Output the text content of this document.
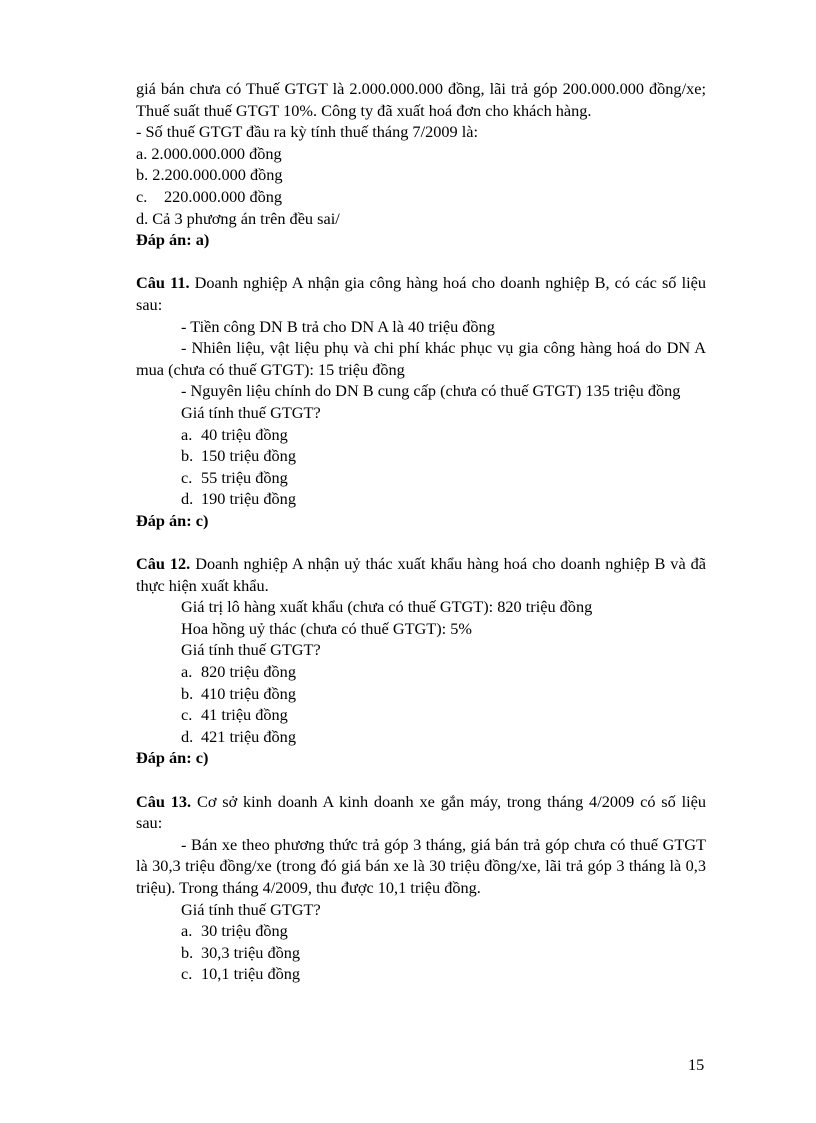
giá bán chưa có Thuế GTGT là 2.000.000.000 đồng, lãi trả góp 200.000.000 đồng/xe; Thuế suất thuế GTGT 10%. Công ty đã xuất hoá đơn cho khách hàng.

- Số thuế GTGT đầu ra kỳ tính thuế tháng 7/2009 là:

a. 2.000.000.000 đồng

b. 2.200.000.000 đồng

c. 220.000.000 đồng

d. Cả 3 phương án trên đều sai/

Đáp án: a)

Câu 11. Doanh nghiệp A nhận gia công hàng hoá cho doanh nghiệp B, có các số liệu sau:

- Tiền công DN B trả cho DN A là 40 triệu đồng

- Nhiên liệu, vật liệu phụ và chi phí khác phục vụ gia công hàng hoá do DN A mua (chưa có thuế GTGT): 15 triệu đồng

- Nguyên liệu chính do DN B cung cấp (chưa có thuế GTGT) 135 triệu đồng

Giá tính thuế GTGT?

a. 40 triệu đồng

b. 150 triệu đồng

c. 55 triệu đồng

d. 190 triệu đồng

Đáp án: c)

Câu 12. Doanh nghiệp A nhận uỷ thác xuất khẩu hàng hoá cho doanh nghiệp B và đã thực hiện xuất khẩu.

Giá trị lô hàng xuất khẩu (chưa có thuế GTGT): 820 triệu đồng

Hoa hồng uỷ thác (chưa có thuế GTGT): 5%

Giá tính thuế GTGT?

a. 820 triệu đồng

b. 410 triệu đồng

c. 41 triệu đồng

d. 421 triệu đồng

Đáp án: c)

Câu 13. Cơ sở kinh doanh A kinh doanh xe gắn máy, trong tháng 4/2009 có số liệu sau:

- Bán xe theo phương thức trả góp 3 tháng, giá bán trả góp chưa có thuế GTGT là 30,3 triệu đồng/xe (trong đó giá bán xe là 30 triệu đồng/xe, lãi trả góp 3 tháng là 0,3 triệu). Trong tháng 4/2009, thu được 10,1 triệu đồng.

Giá tính thuế GTGT?

a. 30 triệu đồng

b. 30,3 triệu đồng

c. 10,1 triệu đồng

15
